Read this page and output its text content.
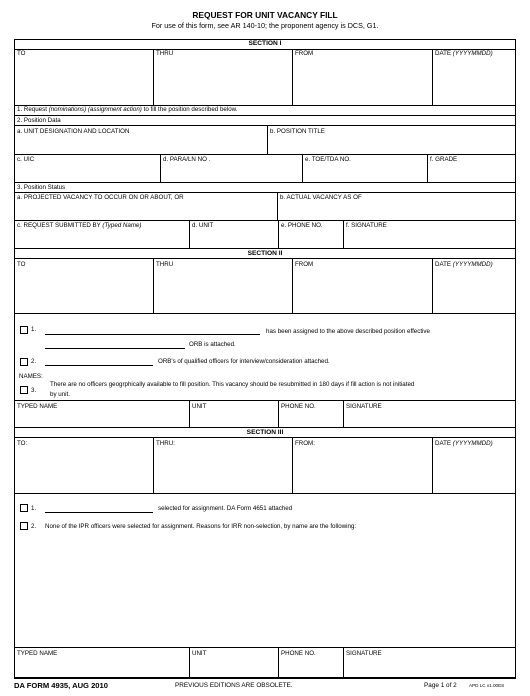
REQUEST FOR UNIT VACANCY FILL
For use of this form, see AR 140-10; the proponent agency is DCS, G1.
SECTION I
TO	THRU	FROM	DATE (YYYYMMDD)
1. Request (nominations) (assignment action) to fill the position described below.
2. Position Data
a. UNIT DESIGNATION AND LOCATION	b. POSITION TITLE
c. UIC	d. PARA/LN NO .	e. TOE/TDA NO.	f. GRADE
3. Position Status
a. PROJECTED VACANCY TO OCCUR ON OR ABOUT, OR	b. ACTUAL VACANCY AS OF
c. REQUEST SUBMITTED BY (Typed Name)	d. UNIT	e. PHONE NO.	f. SIGNATURE
SECTION II
TO	THRU	FROM	DATE (YYYYMMDD)
1.	has been assigned to the above described position effective
ORB is attached.
2.	ORB's of qualified officers for interview/consideration attached.
NAMES:
3.
There are no officers geogrphically available to fill position. This vacancy should be resubmitted in 180 days if fill action is not initiated
by unit.
TYPED NAME	UNIT	PHONE NO.	SIGNATURE
SECTION III
TO:	THRU:	FROM:	DATE (YYYYMMDD)
1.	selected for assignment. DA Form 4651 attached
2. None of the IPR officers were selected for assignment. Reasons for IRR non-selection, by name are the following:
TYPED NAME	UNIT	PHONE NO.	SIGNATURE
DA FORM 4935, AUG 2010	PREVIOUS EDITIONS ARE OBSOLETE.	Page 1 of 2	APD LC v1.00ES
